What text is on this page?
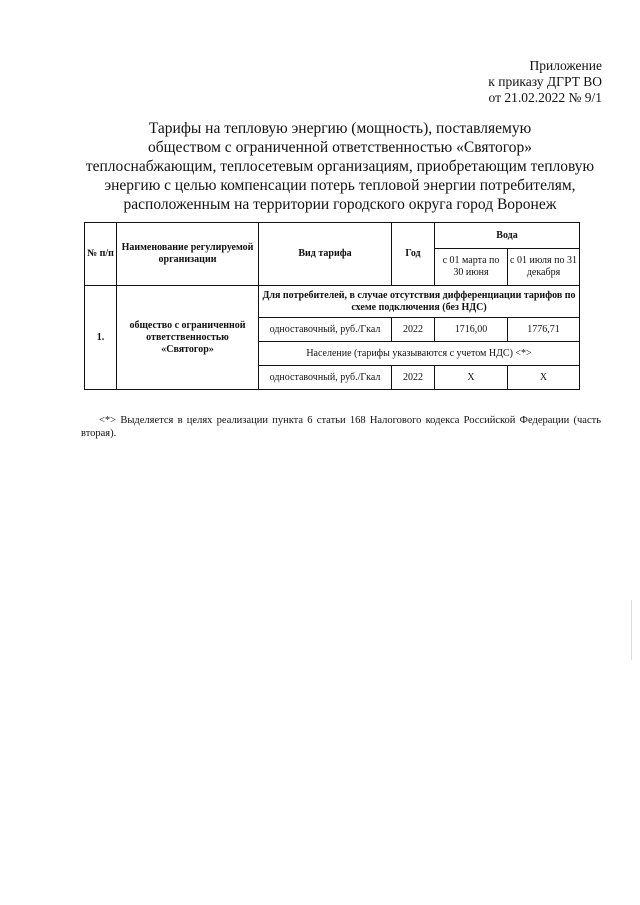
Приложение
к приказу ДГРТ ВО
от 21.02.2022 № 9/1
Тарифы на тепловую энергию (мощность), поставляемую
обществом с ограниченной ответственностью «Святогор»
теплоснабжающим, теплосетевым организациям, приобретающим тепловую
энергию с целью компенсации потерь тепловой энергии потребителям,
расположенным на территории городского округа город Воронеж
№ п/п	Наименование регулируемой организации	Вид тарифа	Год	Вода	
				с 01 марта по 30 июня	с 01 июля по 31 декабря
1.	общество с ограниченной ответственностью «Святогор»	Для потребителей, в случае отсутствия дифференциации тарифов по схеме подключения (без НДС)			
		одноставочный, руб./Гкал	2022	1716,00	1776,71
		Население (тарифы указываются с учетом НДС) <*>			
		одноставочный, руб./Гкал	2022	Х	Х
<*> Выделяется в целях реализации пункта 6 статьи 168 Налогового кодекса Российской Федерации (часть вторая).
